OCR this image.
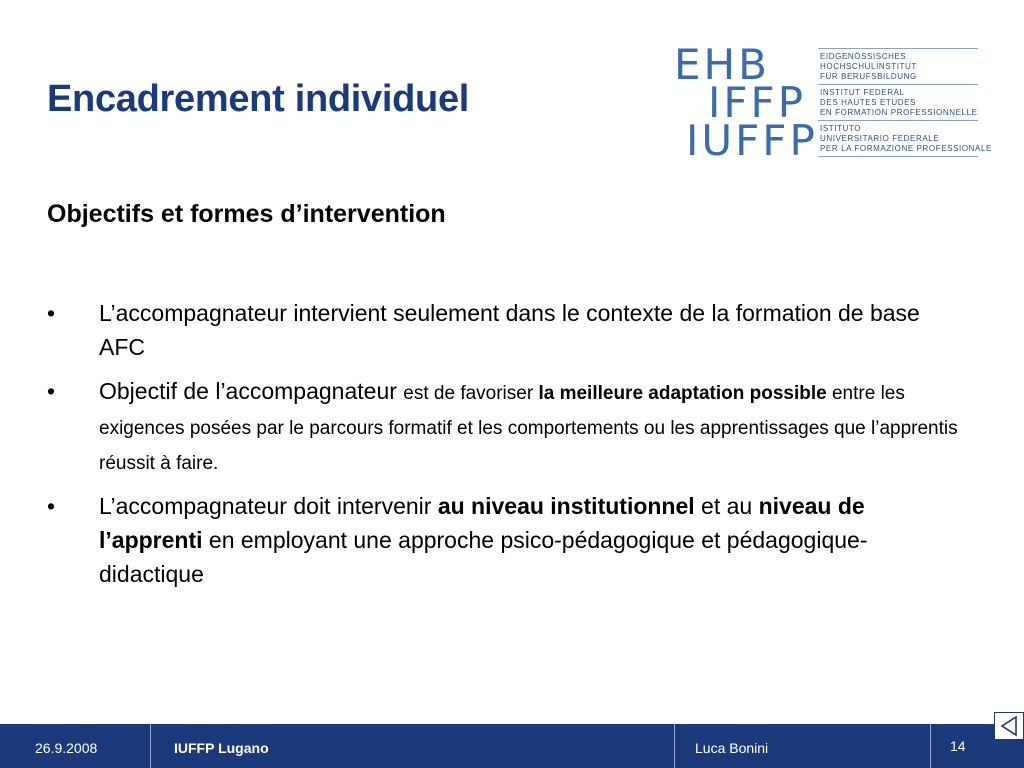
Encadrement individuel
EHB
IFFP
IUFFP
EIDGENÖSSISCHES
HOCHSCHULINSTITUT
FÜR BERUFSBILDUNG
INSTITUT FEDERAL
DES HAUTES ETUDES
EN FORMATION PROFESSIONNELLE
ISTITUTO
UNIVERSITARIO FEDERALE
PER LA FORMAZIONE PROFESSIONALE
Objectifs et formes d’intervention
• L’accompagnateur intervient seulement dans le contexte de la formation de base AFC
• Objectif de l’accompagnateur est de favoriser la meilleure adaptation possible entre les exigences posées par le parcours formatif et les comportements ou les apprentissages que l’apprentis réussit à faire.
• L’accompagnateur doit intervenir au niveau institutionnel et au niveau de l’apprenti en employant une approche psico-pédagogique et pédagogique-didactique
26.9.2008	IUFFP Lugano	Luca Bonini	14
